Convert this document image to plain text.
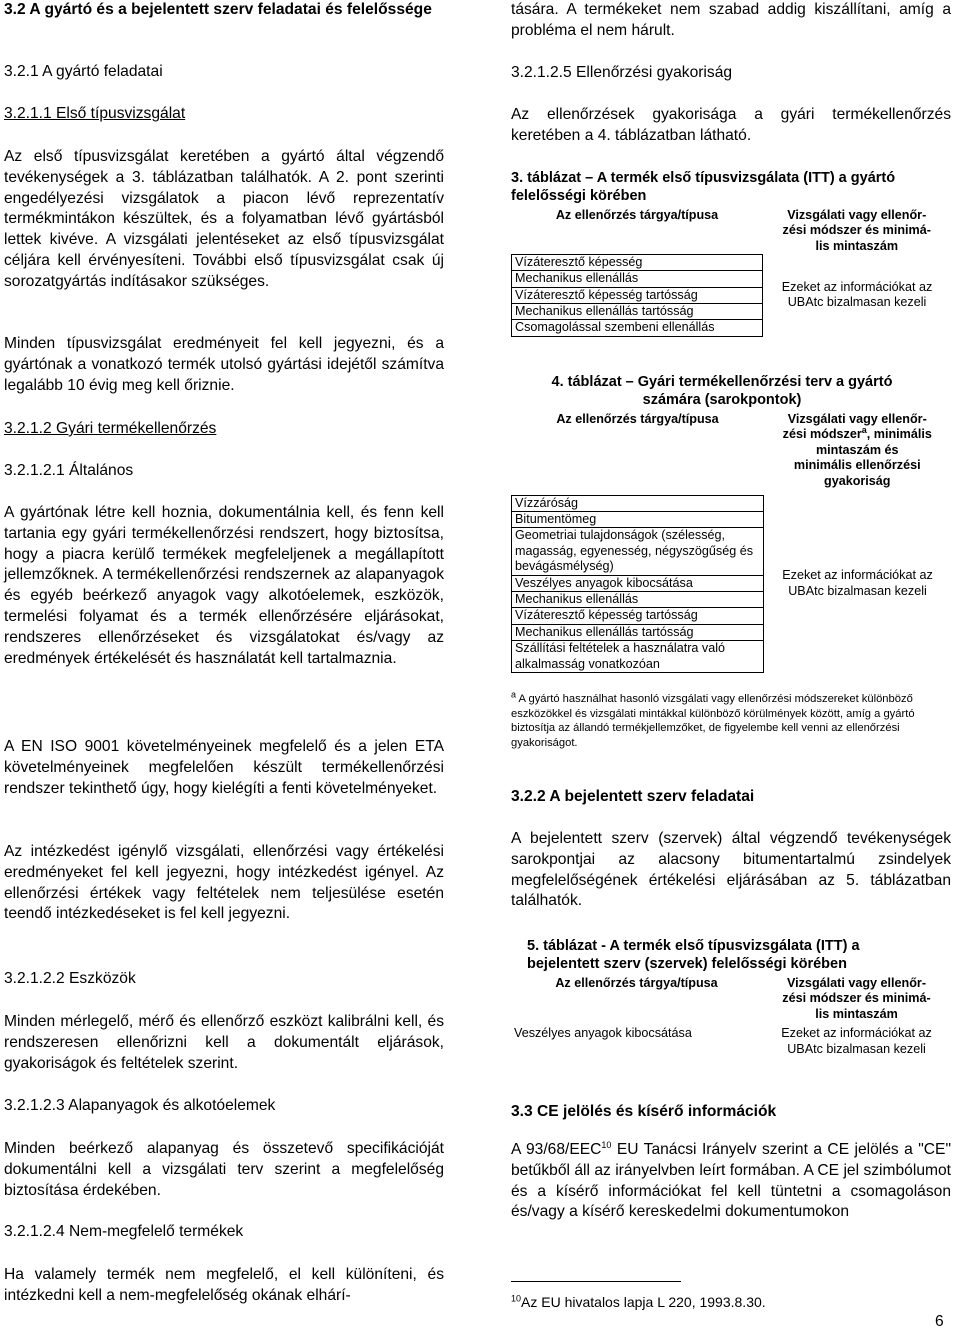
3.2 A gyártó és a bejelentett szerv feladatai és felelőssége

3.2.1 A gyártó feladatai

3.2.1.1 Első típusvizsgálat

Az első típusvizsgálat keretében a gyártó által végzendő tevékenységek a 3. táblázatban találhatók. A 2. pont szerinti engedélyezési vizsgálatok a piacon lévő reprezentatív termékmintákon készültek, és a folyamatban lévő gyártásból lettek kivéve. A vizsgálati jelentéseket az első típusvizsgálat céljára kell érvényesíteni. További első típusvizsgálat csak új sorozatgyártás indításakor szükséges.

Minden típusvizsgálat eredményeit fel kell jegyezni, és a gyártónak a vonatkozó termék utolsó gyártási idejétől számítva legalább 10 évig meg kell őriznie.

3.2.1.2 Gyári termékellenőrzés

3.2.1.2.1 Általános

A gyártónak létre kell hoznia, dokumentálnia kell, és fenn kell tartania egy gyári termékellenőrzési rendszert, hogy biztosítsa, hogy a piacra kerülő termékek megfeleljenek a megállapított jellemzőknek. A termékellenőrzési rendszernek az alapanyagok és egyéb beérkező anyagok vagy alkotóelemek, eszközök, termelési folyamat és a termék ellenőrzésére eljárásokat, rendszeres ellenőrzéseket és vizsgálatokat és/vagy az eredmények értékelését és használatát kell tartalmaznia.

A EN ISO 9001 követelményeinek megfelelő és a jelen ETA követelményeinek megfelelően készült termékellenőrzési rendszer tekinthető úgy, hogy kielégíti a fenti követelményeket.

Az intézkedést igénylő vizsgálati, ellenőrzési vagy értékelési eredményeket fel kell jegyezni, hogy intézkedést igényel. Az ellenőrzési értékek vagy feltételek nem teljesülése esetén teendő intézkedéseket is fel kell jegyezni.

3.2.1.2.2 Eszközök

Minden mérlegelő, mérő és ellenőrző eszközt kalibrálni kell, és rendszeresen ellenőrizni kell a dokumentált eljárások, gyakoriságok és feltételek szerint.

3.2.1.2.3 Alapanyagok és alkotóelemek

Minden beérkező alapanyag és összetevő specifikációját dokumentálni kell a vizsgálati terv szerint a megfelelőség biztosítása érdekében.

3.2.1.2.4 Nem-megfelelő termékek

Ha valamely termék nem megfelelő, el kell különíteni, és intézkedni kell a nem-megfelelőség okának elhárí-

tására. A termékeket nem szabad addig kiszállítani, amíg a probléma el nem hárult.

3.2.1.2.5 Ellenőrzési gyakoriság

Az ellenőrzések gyakorisága a gyári termékellenőrzés keretében a 4. táblázatban látható.

3. táblázat – A termék első típusvizsgálata (ITT) a gyártó
felelősségi körében

Az ellenőrzés tárgya/típusa	Vizsgálati vagy ellenőr-
zési módszer és minimá-
lis mintaszám
Vízáteresztő képesség	Ezeket az információkat az
UBAtc bizalmasan kezeli
Mechanikus ellenállás	
Vízáteresztő képesség tartósság	
Mechanikus ellenállás tartósság	
Csomagolással szembeni ellenállás	

4. táblázat – Gyári termékellenőrzési terv a gyártó
számára (sarokpontok)

Az ellenőrzés tárgya/típusa	Vizsgálati vagy ellenőr-
zési módszer$^a$, minimális
mintaszám és
minimális ellenőrzési
gyakoriság

Vízzáróság	Ezeket az információkat az
UBAtc bizalmasan kezeli
Bitumentömeg	
Geometriai tulajdonságok (szélesség, magasság, egyenesség, négyszögűség és bevágásmélység)	
Veszélyes anyagok kibocsátása	
Mechanikus ellenállás	
Vízáteresztő képesség tartósság	
Mechanikus ellenállás tartósság	
Szállítási feltételek a használatra való alkalmasság vonatkozóan	

$^a$ A gyártó használhat hasonló vizsgálati vagy ellenőrzési módszereket különböző eszközökkel és vizsgálati mintákkal különböző körülmények között, amíg a gyártó biztosítja az állandó termékjellemzőket, de figyelembe kell venni az ellenőrzési gyakoriságot.

3.2.2 A bejelentett szerv feladatai

A bejelentett szerv (szervek) által végzendő tevékenységek sarokpontjai az alacsony bitumentartalmú zsindelyek megfelelőségének értékelési eljárásában az 5. táblázatban találhatók.

5. táblázat - A termék első típusvizsgálata (ITT) a
bejelentett szerv (szervek) felelősségi körében

Az ellenőrzés tárgya/típusa	Vizsgálati vagy ellenőr-
zési módszer és minimá-
lis mintaszám

Veszélyes anyagok kibocsátása	Ezeket az információkat az
UBAtc bizalmasan kezeli

3.3 CE jelölés és kísérő információk

A 93/68/EEC$^{10}$ EU Tanácsi Irányelv szerint a CE jelölés a "CE" betűkből áll az irányelvben leírt formában. A CE jel szimbólumot és a kísérő információkat fel kell tüntetni a csomagoláson és/vagy a kísérő kereskedelmi dokumentumokon

$^{10}$Az EU hivatalos lapja L 220, 1993.8.30.

6
